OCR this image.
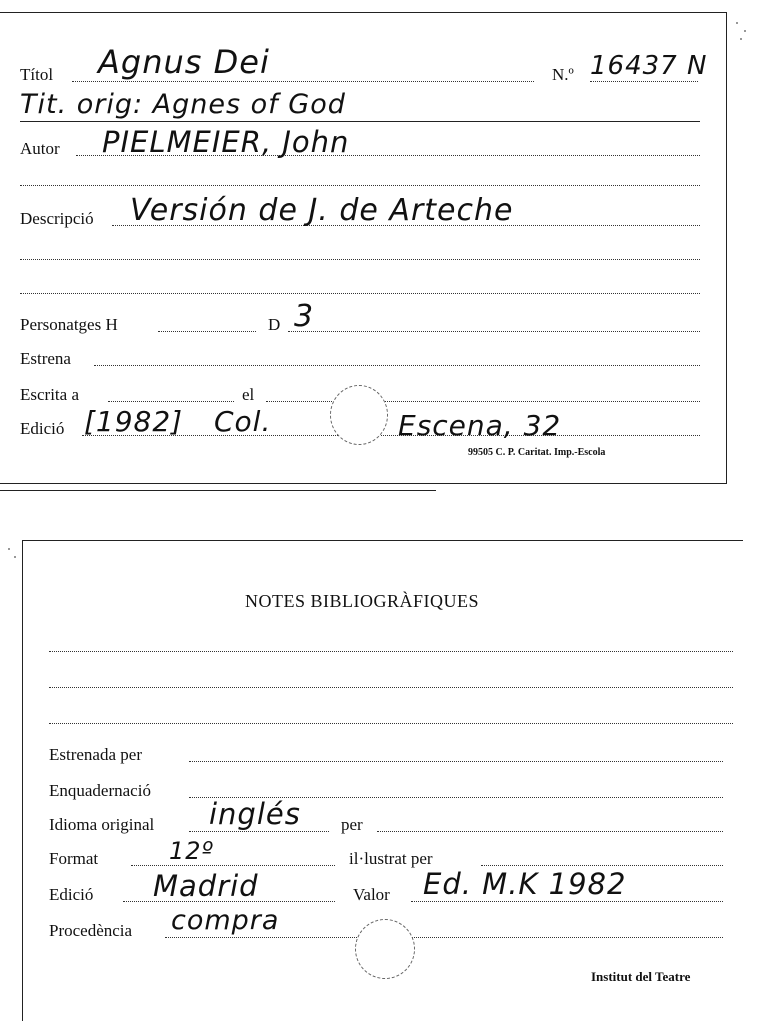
Títol Agnus Dei	N.º 16437 N
Tit. orig: Agnes of God
Autor PIELMEIER, John
Descripció Versión de J. de Arteche
Personatges H	D 3
Estrena
Escrita a	el
Edició [1982] Col.	Escena, 32
99505 C. P. Caritat. Imp.-Escola
NOTES BIBLIOGRÀFIQUES
Estrenada per
Enquadernació
Idioma original inglés per
Format	12º	il·lustrat per
Edició Madrid	Valor Ed. M.K 1982
Procedència compra
Institut del Teatre
